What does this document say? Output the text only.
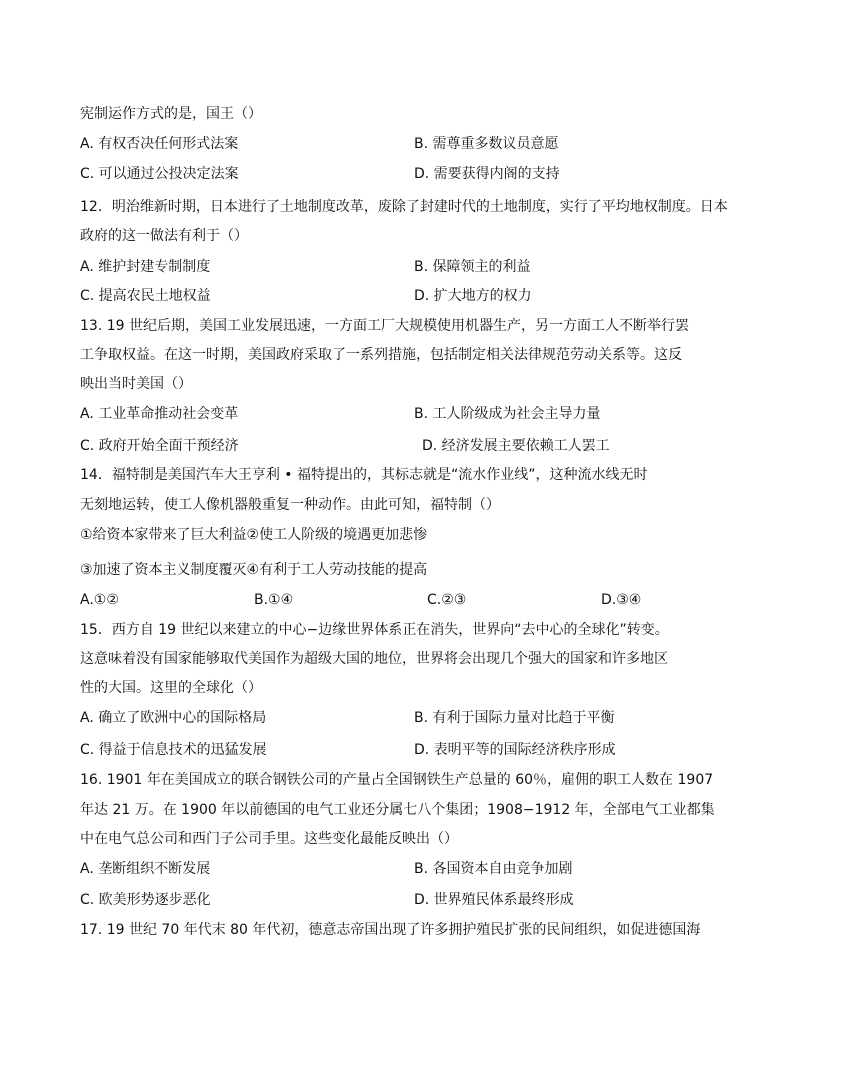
宪制运作方式的是，国王（）
A. 有权否决任何形式法案	B. 需尊重多数议员意愿
C. 可以通过公投决定法案	D. 需要获得内阁的支持
12．明治维新时期，日本进行了土地制度改革，废除了封建时代的土地制度，实行了平均地权制度。日本
政府的这一做法有利于（）
A. 维护封建专制制度	B. 保障领主的利益
C. 提高农民土地权益	D. 扩大地方的权力
13. 19 世纪后期，美国工业发展迅速，一方面工厂大规模使用机器生产，另一方面工人不断举行罢
工争取权益。在这一时期，美国政府采取了一系列措施，包括制定相关法律规范劳动关系等。这反
映出当时美国（）
A. 工业革命推动社会变革	B. 工人阶级成为社会主导力量
C. 政府开始全面干预经济	D. 经济发展主要依赖工人罢工
14．福特制是美国汽车大王亨利 • 福特提出的，其标志就是“流水作业线”，这种流水线无时
无刻地运转，使工人像机器般重复一种动作。由此可知，福特制（）
①给资本家带来了巨大利益②使工人阶级的境遇更加悲惨
③加速了资本主义制度覆灭④有利于工人劳动技能的提高
A.①②	B.①④	C.②③	D.③④
15．西方自 19 世纪以来建立的中心−边缘世界体系正在消失，世界向“去中心的全球化”转变。
这意味着没有国家能够取代美国作为超级大国的地位，世界将会出现几个强大的国家和许多地区
性的大国。这里的全球化（）
A. 确立了欧洲中心的国际格局	B. 有利于国际力量对比趋于平衡
C. 得益于信息技术的迅猛发展	D. 表明平等的国际经济秩序形成
16. 1901 年在美国成立的联合钢铁公司的产量占全国钢铁生产总量的 60％，雇佣的职工人数在 1907
年达 21 万。在 1900 年以前德国的电气工业还分属七八个集团；1908−1912 年，全部电气工业都集
中在电气总公司和西门子公司手里。这些变化最能反映出（）
A. 垄断组织不断发展	B. 各国资本自由竞争加剧
C. 欧美形势逐步恶化	D. 世界殖民体系最终形成
17. 19 世纪 70 年代末 80 年代初，德意志帝国出现了许多拥护殖民扩张的民间组织，如促进德国海
